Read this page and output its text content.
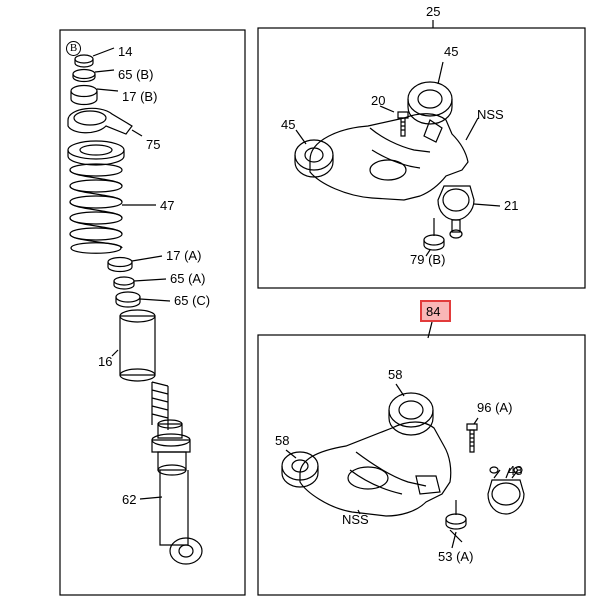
84
B
25
14
65 (B)
17 (B)
75
47
17 (A)
65 (A)
65 (C)
16
62
45
20
NSS
45
21
79 (B)
58
96 (A)
58
48
NSS
53 (A)
